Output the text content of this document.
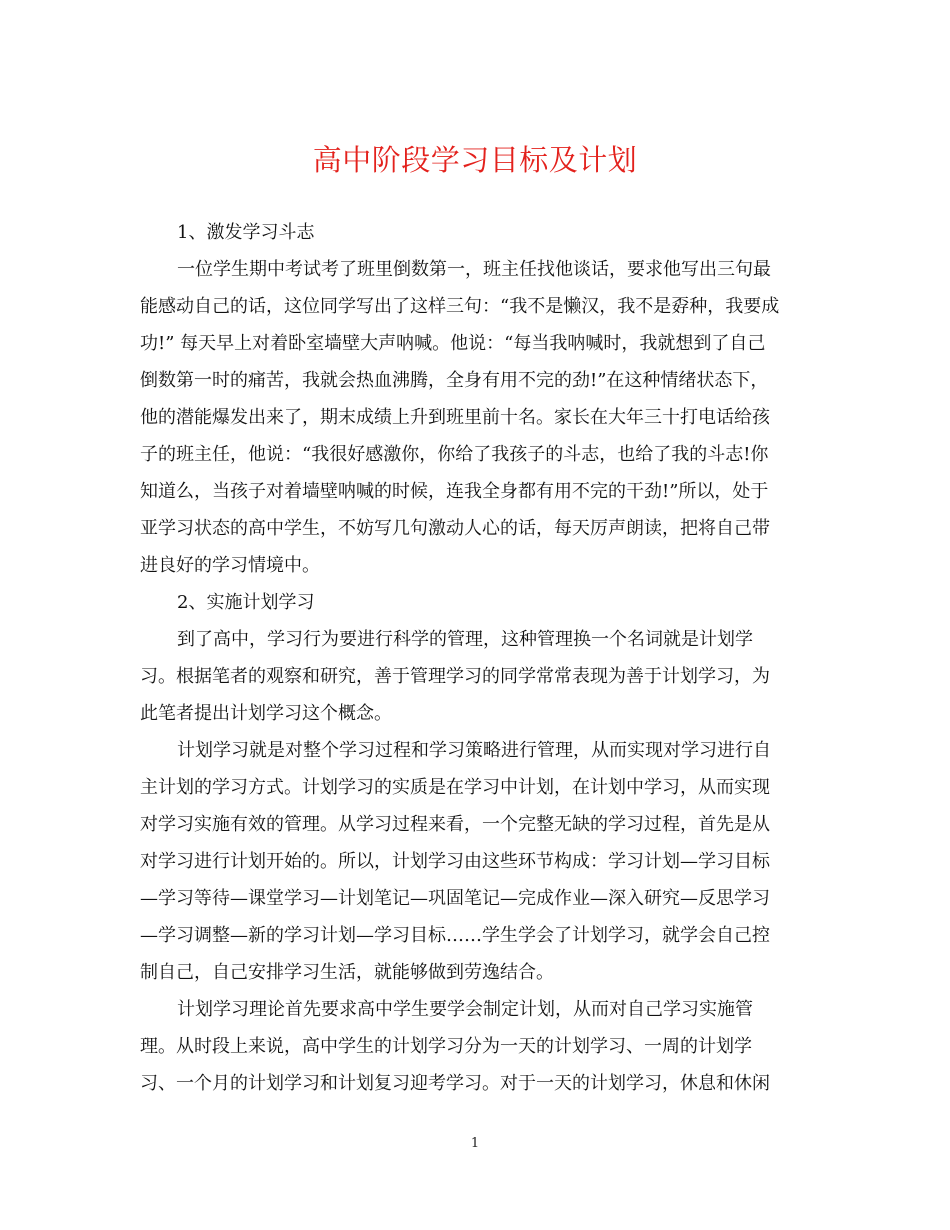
高中阶段学习目标及计划
1、激发学习斗志
一位学生期中考试考了班里倒数第一，班主任找他谈话，要求他写出三句最
能感动自己的话，这位同学写出了这样三句：“我不是懒汉，我不是孬种，我要成
功!” 每天早上对着卧室墙壁大声呐喊。他说：“每当我呐喊时，我就想到了自己
倒数第一时的痛苦，我就会热血沸腾，全身有用不完的劲!”在这种情绪状态下，
他的潜能爆发出来了，期末成绩上升到班里前十名。家长在大年三十打电话给孩
子的班主任，他说：“我很好感激你，你给了我孩子的斗志，也给了我的斗志!你
知道么，当孩子对着墙壁呐喊的时候，连我全身都有用不完的干劲!”所以，处于
亚学习状态的高中学生，不妨写几句激动人心的话，每天厉声朗读，把将自己带
进良好的学习情境中。
2、实施计划学习
到了高中，学习行为要进行科学的管理，这种管理换一个名词就是计划学
习。根据笔者的观察和研究，善于管理学习的同学常常表现为善于计划学习，为
此笔者提出计划学习这个概念。
计划学习就是对整个学习过程和学习策略进行管理，从而实现对学习进行自
主计划的学习方式。计划学习的实质是在学习中计划，在计划中学习，从而实现
对学习实施有效的管理。从学习过程来看，一个完整无缺的学习过程，首先是从
对学习进行计划开始的。所以，计划学习由这些环节构成：学习计划—学习目标
—学习等待—课堂学习—计划笔记—巩固笔记—完成作业—深入研究—反思学习
—学习调整—新的学习计划—学习目标……学生学会了计划学习，就学会自己控
制自己，自己安排学习生活，就能够做到劳逸结合。
计划学习理论首先要求高中学生要学会制定计划，从而对自己学习实施管
理。从时段上来说，高中学生的计划学习分为一天的计划学习、一周的计划学
习、一个月的计划学习和计划复习迎考学习。对于一天的计划学习，休息和休闲
1
